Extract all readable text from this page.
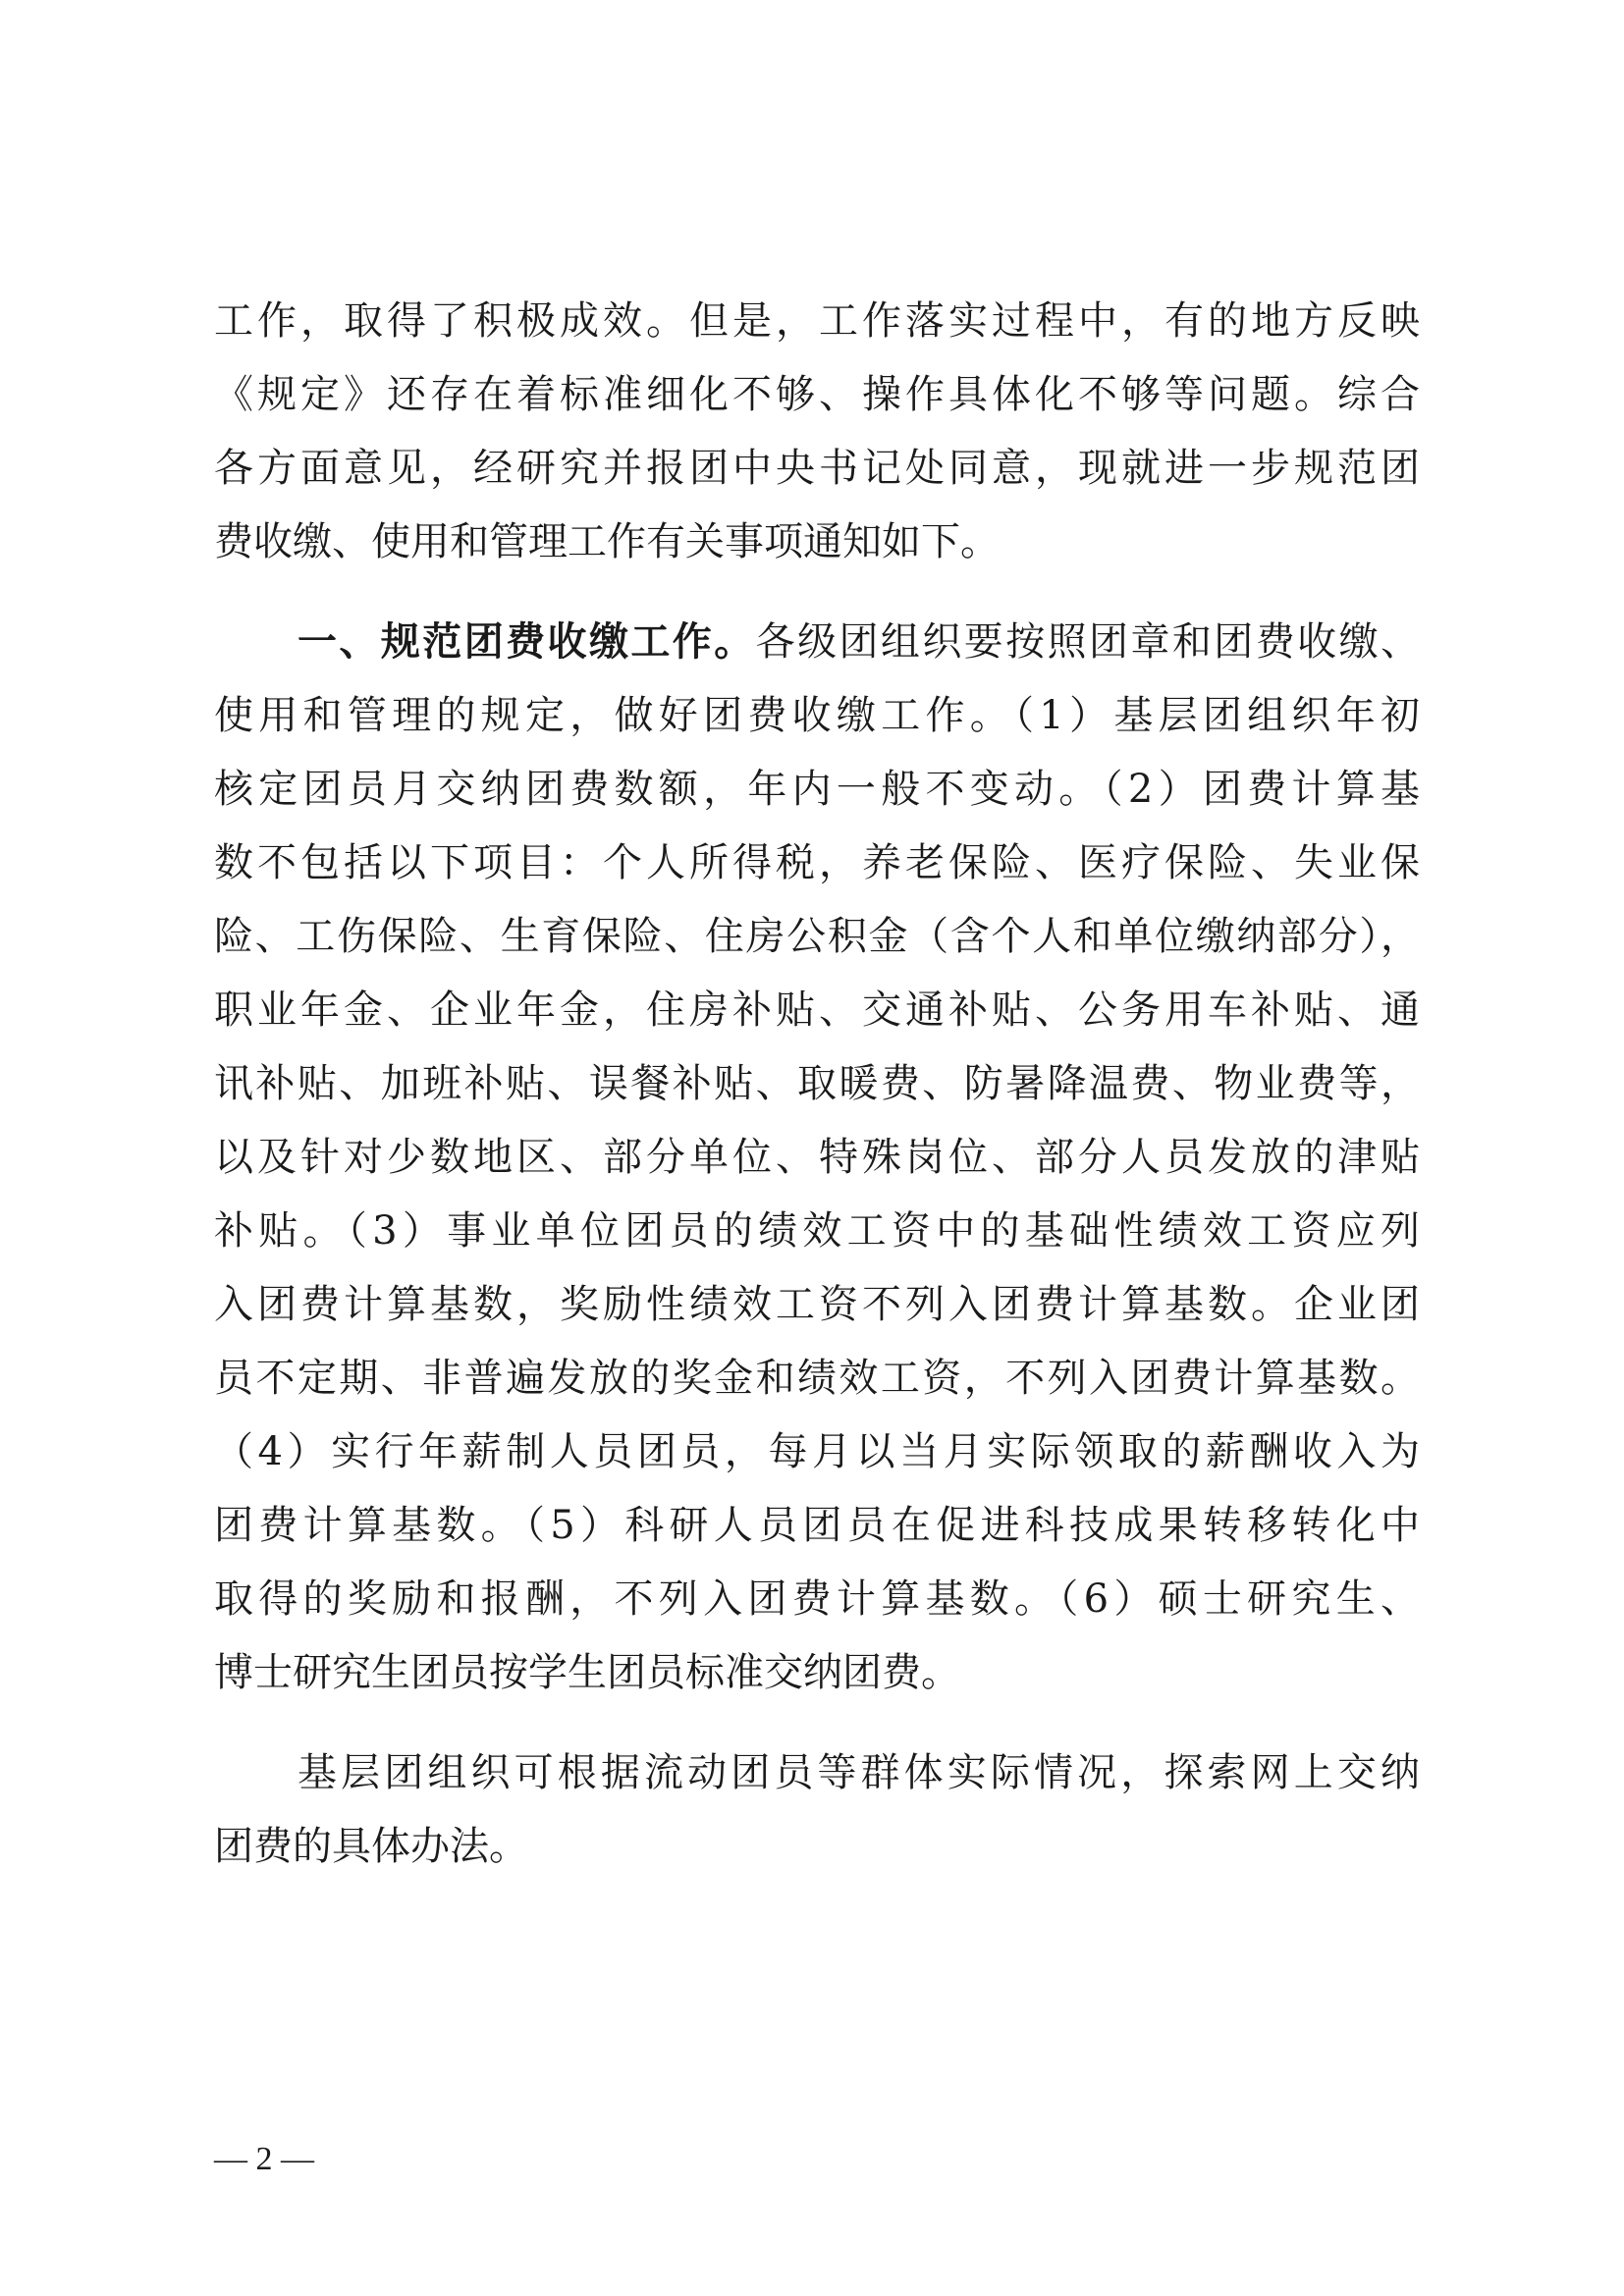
工作，取得了积极成效。但是，工作落实过程中，有的地方反映
《规定》还存在着标准细化不够、操作具体化不够等问题。综合
各方面意见，经研究并报团中央书记处同意，现就进一步规范团
费收缴、使用和管理工作有关事项通知如下。
一、规范团费收缴工作。各级团组织要按照团章和团费收缴、
使用和管理的规定，做好团费收缴工作。（1）基层团组织年初
核定团员月交纳团费数额，年内一般不变动。（2）团费计算基
数不包括以下项目：个人所得税，养老保险、医疗保险、失业保
险、工伤保险、生育保险、住房公积金（含个人和单位缴纳部分），
职业年金、企业年金，住房补贴、交通补贴、公务用车补贴、通
讯补贴、加班补贴、误餐补贴、取暖费、防暑降温费、物业费等，
以及针对少数地区、部分单位、特殊岗位、部分人员发放的津贴
补贴。（3）事业单位团员的绩效工资中的基础性绩效工资应列
入团费计算基数，奖励性绩效工资不列入团费计算基数。企业团
员不定期、非普遍发放的奖金和绩效工资，不列入团费计算基数。
（4）实行年薪制人员团员，每月以当月实际领取的薪酬收入为
团费计算基数。（5）科研人员团员在促进科技成果转移转化中
取得的奖励和报酬，不列入团费计算基数。（6）硕士研究生、
博士研究生团员按学生团员标准交纳团费。
基层团组织可根据流动团员等群体实际情况，探索网上交纳
团费的具体办法。
— 2 —
